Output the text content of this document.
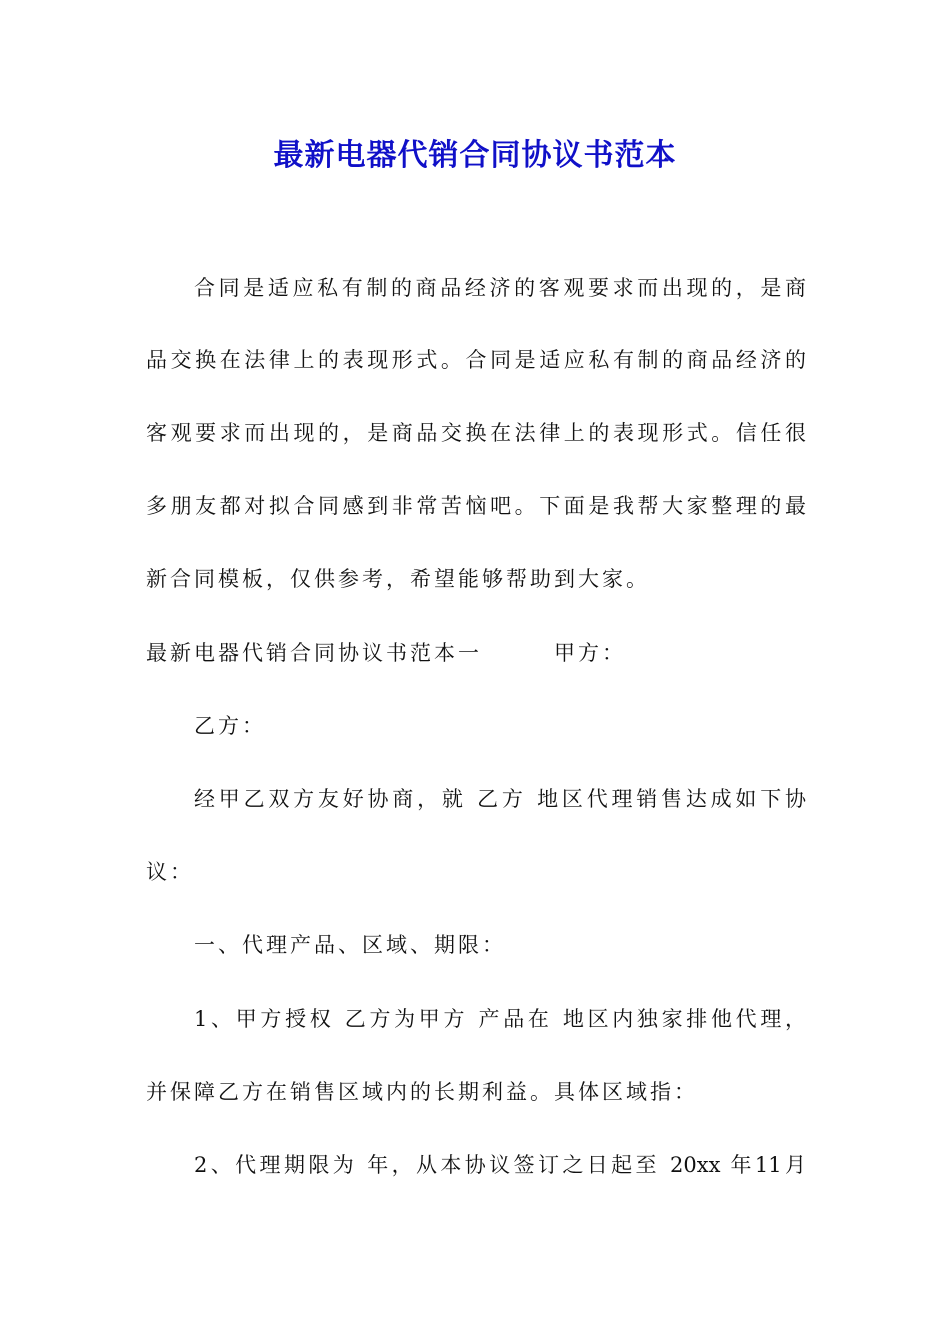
最新电器代销合同协议书范本

合同是适应私有制的商品经济的客观要求而出现的，是商

品交换在法律上的表现形式。合同是适应私有制的商品经济的

客观要求而出现的，是商品交换在法律上的表现形式。信任很

多朋友都对拟合同感到非常苦恼吧。下面是我帮大家整理的最

新合同模板，仅供参考，希望能够帮助到大家。

最新电器代销合同协议书范本一　　　甲方：

乙方：

经甲乙双方友好协商，就 乙方 地区代理销售达成如下协

议：

一、代理产品、区域、期限：

1、甲方授权 乙方为甲方 产品在 地区内独家排他代理，

并保障乙方在销售区域内的长期利益。具体区域指：

2、代理期限为 年，从本协议签订之日起至 20xx 年11月
